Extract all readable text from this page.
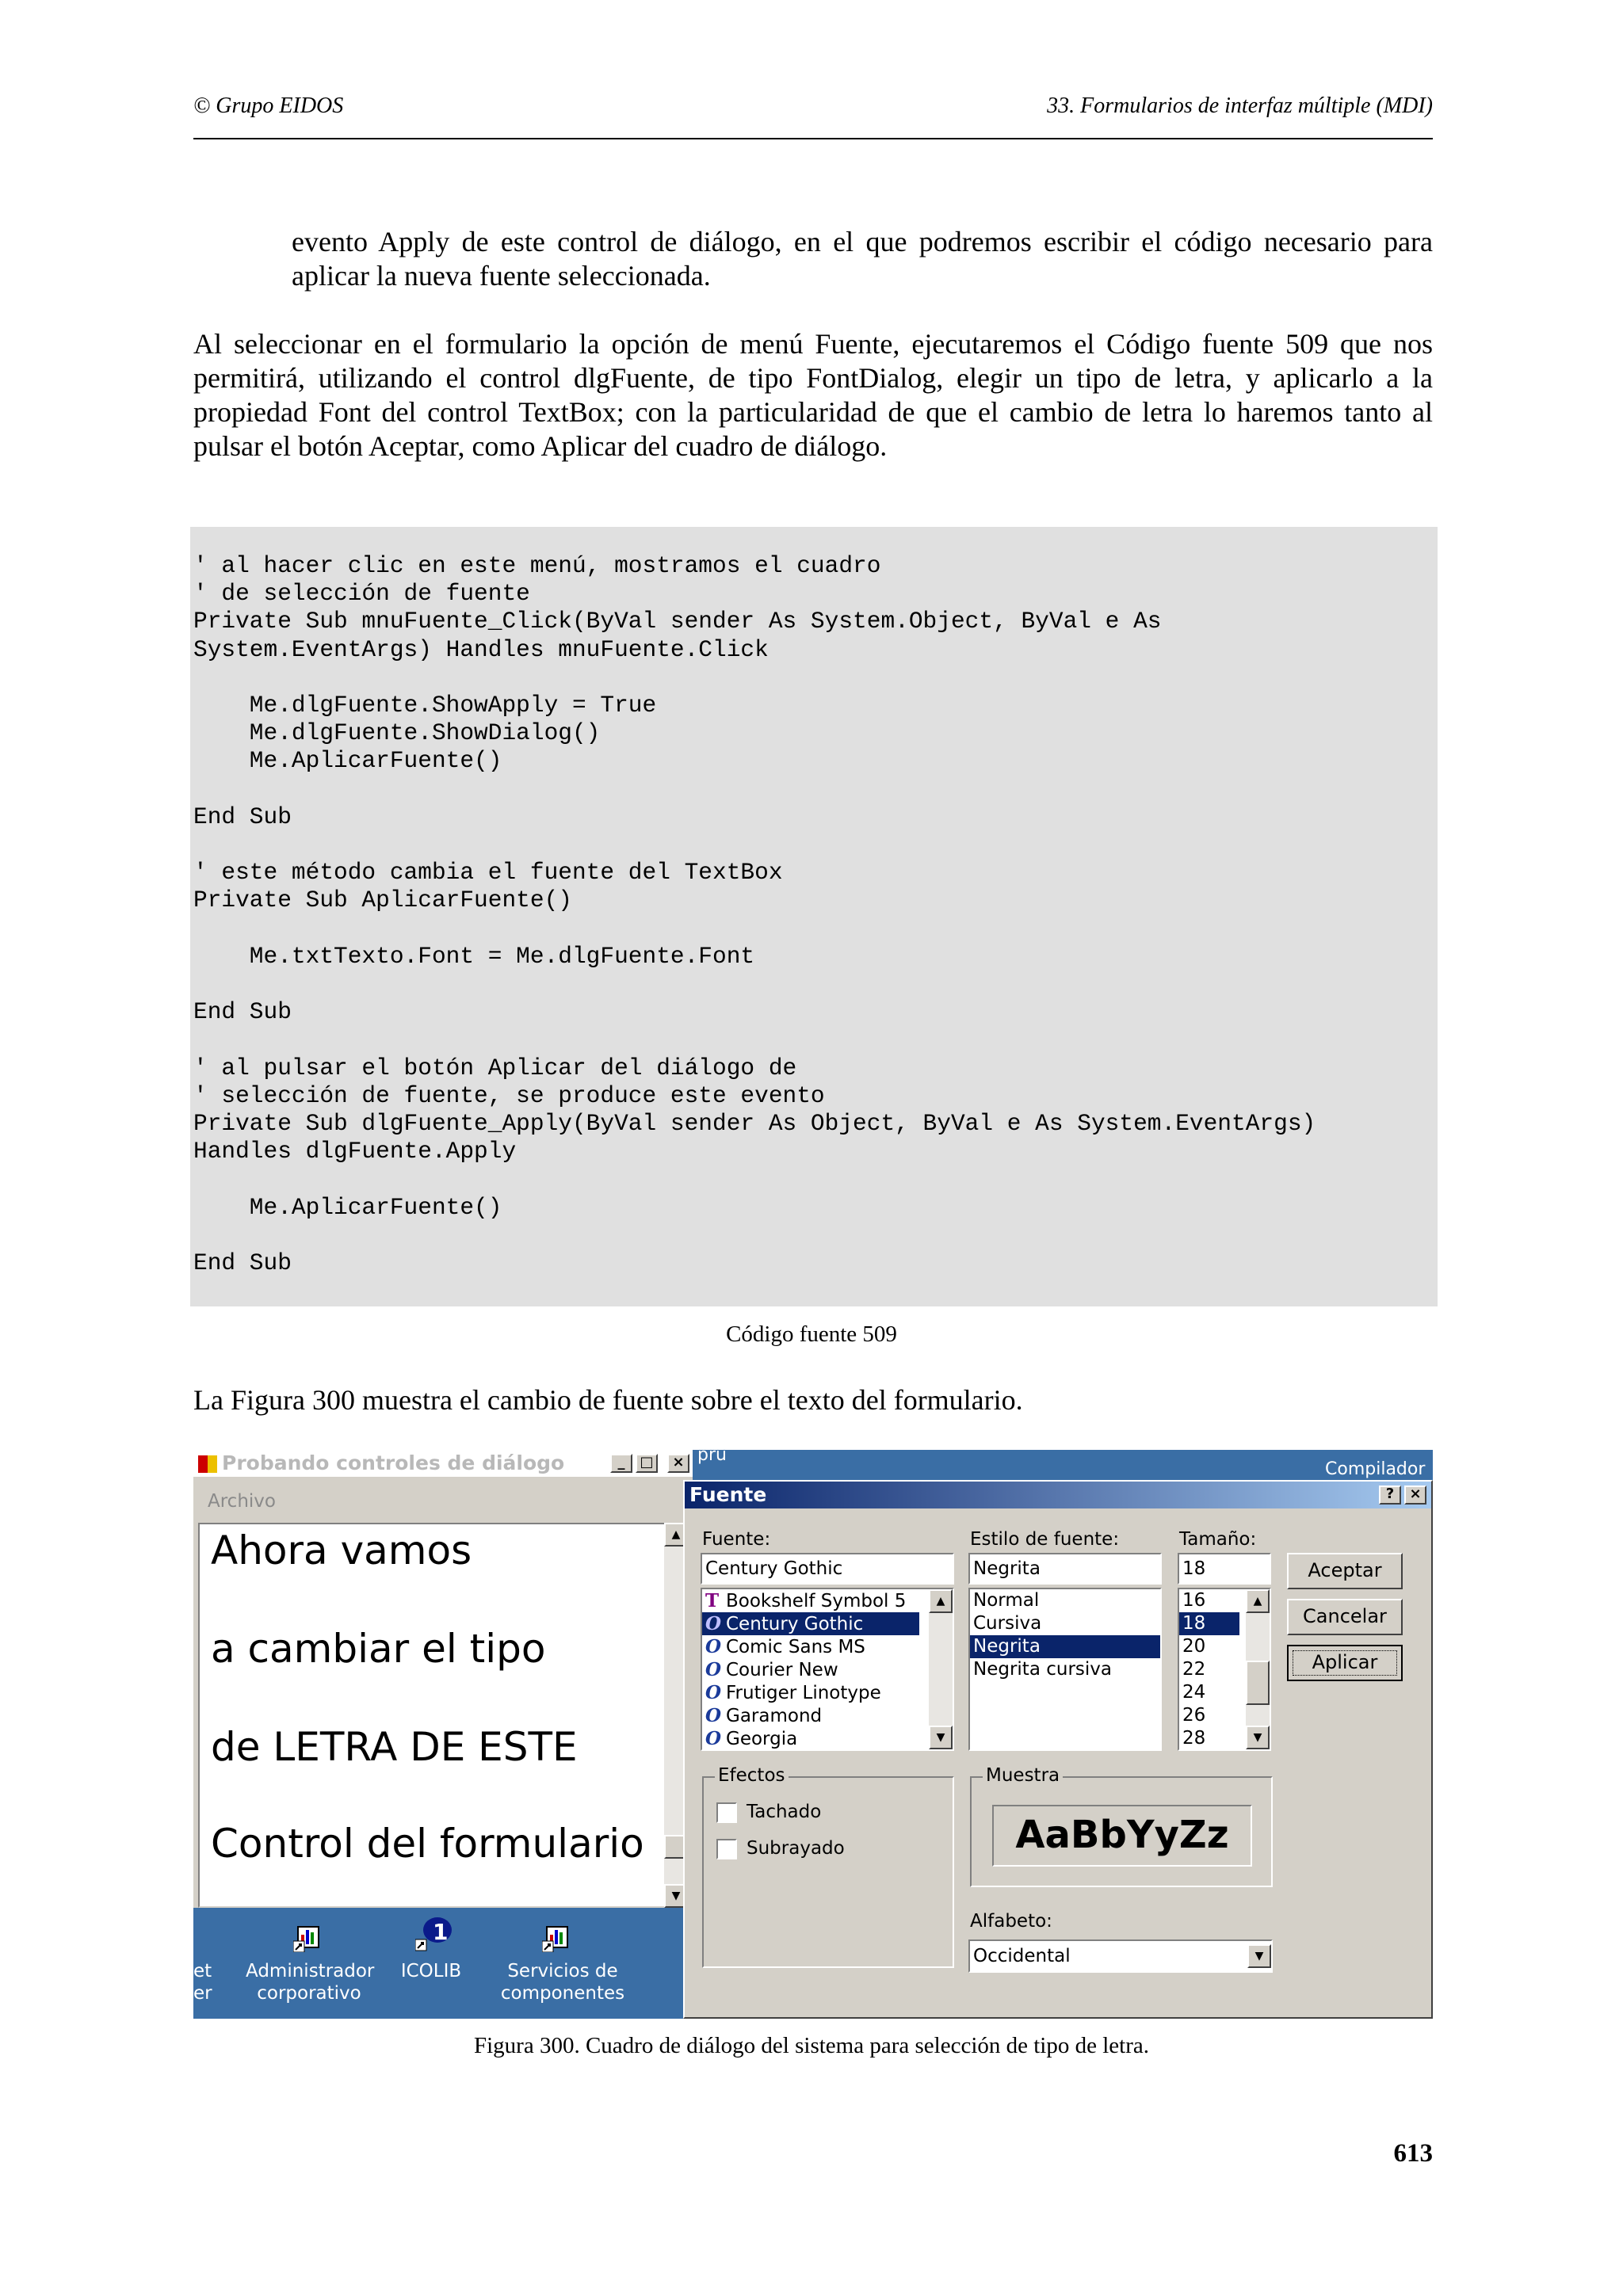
© Grupo EIDOS	33. Formularios de interfaz múltiple (MDI)
evento Apply de este control de diálogo, en el que podremos escribir el código necesario para aplicar la nueva fuente seleccionada.
Al seleccionar en el formulario la opción de menú Fuente, ejecutaremos el Código fuente 509 que nos permitirá, utilizando el control dlgFuente, de tipo FontDialog, elegir un tipo de letra, y aplicarlo a la propiedad Font del control TextBox; con la particularidad de que el cambio de letra lo haremos tanto al pulsar el botón Aceptar, como Aplicar del cuadro de diálogo.
' al hacer clic en este menú, mostramos el cuadro
' de selección de fuente
Private Sub mnuFuente_Click(ByVal sender As System.Object, ByVal e As
System.EventArgs) Handles mnuFuente.Click

Me.dlgFuente.ShowApply = True
Me.dlgFuente.ShowDialog()
Me.AplicarFuente()

End Sub

' este método cambia el fuente del TextBox
Private Sub AplicarFuente()

Me.txtTexto.Font = Me.dlgFuente.Font

End Sub

' al pulsar el botón Aplicar del diálogo de
' selección de fuente, se produce este evento
Private Sub dlgFuente_Apply(ByVal sender As Object, ByVal e As System.EventArgs)
Handles dlgFuente.Apply

Me.AplicarFuente()

End Sub
Código fuente 509
La Figura 300 muestra el cambio de fuente sobre el texto del formulario.
pru
Compilador
Probando controles de diálogo	_	□	×
Archivo
Ahora vamos
a cambiar el tipo
de LETRA DE ESTE
Control del formulario
▲
▼
et
er
Administrador
corporativo
1
ICOLIB	Servicios de
componentes
Fuente	?	×
Fuente:	Estilo de fuente:	Tamaño:
Century Gothic
T Bookshelf Symbol 5
O Century Gothic
O Comic Sans MS
O Courier New
O Frutiger Linotype
O Garamond
O Georgia
▲
▼
Negrita
Normal
Cursiva
Negrita
Negrita cursiva
18
16
18
20
22
24
26
28
▲
▼
Aceptar
Cancelar
Aplicar
Efectos
Tachado
Subrayado
Muestra
AaBbYyZz
Alfabeto:
Occidental	▼
Figura 300. Cuadro de diálogo del sistema para selección de tipo de letra.
613
